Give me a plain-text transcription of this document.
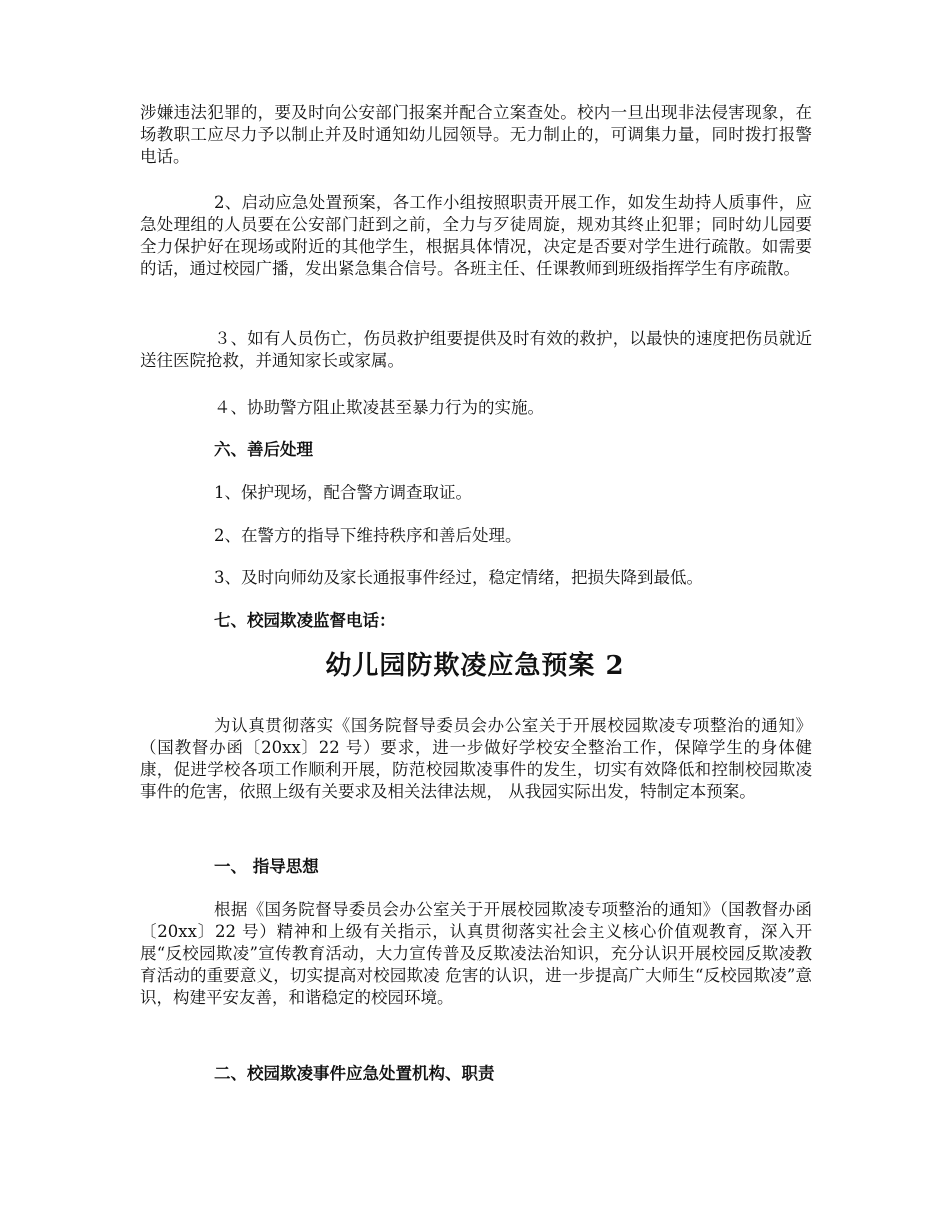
涉嫌违法犯罪的，要及时向公安部门报案并配合立案查处。校内一旦出现非法侵害现象，在场教职工应尽力予以制止并及时通知幼儿园领导。无力制止的，可调集力量，同时拨打报警电话。

2、启动应急处置预案，各工作小组按照职责开展工作，如发生劫持人质事件，应急处理组的人员要在公安部门赶到之前，全力与歹徒周旋，规劝其终止犯罪；同时幼儿园要全力保护好在现场或附近的其他学生，根据具体情况，决定是否要对学生进行疏散。如需要的话，通过校园广播，发出紧急集合信号。各班主任、任课教师到班级指挥学生有序疏散。

３、如有人员伤亡，伤员救护组要提供及时有效的救护，以最快的速度把伤员就近送往医院抢救，并通知家长或家属。

４、协助警方阻止欺凌甚至暴力行为的实施。

六、善后处理

1、保护现场，配合警方调查取证。

2、在警方的指导下维持秩序和善后处理。

3、及时向师幼及家长通报事件经过，稳定情绪，把损失降到最低。

七、校园欺凌监督电话：

幼儿园防欺凌应急预案 2

为认真贯彻落实《国务院督导委员会办公室关于开展校园欺凌专项整治的通知》 （国教督办函〔20xx〕22 号）要求，进一步做好学校安全整治工作，保障学生的身体健康，促进学校各项工作顺利开展，防范校园欺凌事件的发生，切实有效降低和控制校园欺凌事件的危害，依照上级有关要求及相关法律法规， 从我园实际出发，特制定本预案。

一、 指导思想

根据《国务院督导委员会办公室关于开展校园欺凌专项整治的通知》（国教督办函〔20xx〕22 号）精神和上级有关指示，认真贯彻落实社会主义核心价值观教育，深入开展“反校园欺凌”宣传教育活动，大力宣传普及反欺凌法治知识，充分认识开展校园反欺凌教育活动的重要意义，切实提高对校园欺凌 危害的认识，进一步提高广大师生“反校园欺凌”意识，构建平安友善，和谐稳定的校园环境。

二、校园欺凌事件应急处置机构、职责
